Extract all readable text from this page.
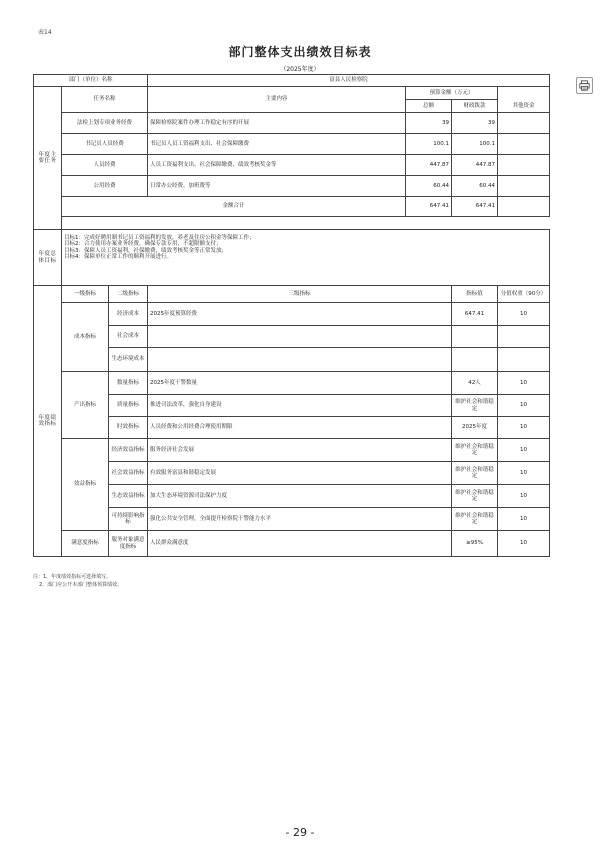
表14
部门整体支出绩效目标表
（2025年度）
部门（单位）名称			富县人民检察院				
年度主要任务	任务名称		主要内容	预算金额（万元）		
				总额	财政拨款	其他资金	
	法检上划专项业务经费		保障检察院案件办理工作稳定有序的开展	39	39		
	书记员人员经费		书记员人员工资福利支出、社会保障缴费	100.1	100.1		
	人员经费		人员工资福利支出、社会保障缴费、绩效考核奖金等	447.87	447.87		
	公用经费		日常办公经费、加班费等	60.44	60.44		
	金额合计			647.41	647.41		

年度总体目标	目标1：完成好聘用制书记员工资福利的发放，养老及住房公积金等保障工作；
目标2：合力使用办案业务经费，确保专款专用，不超限额支付；
目标3：保障人员工资福利，社保缴费，绩效考核奖金等正常发放；
目标4：保障单位正常工作的顺利开展进行。						

年度绩效指标	一级指标	二级指标	三级指标		指标值	分值权重（90分）	
	成本指标	经济成本	2025年度预算经费		647.41	10	
		社会成本					
		生态环境成本					
	产出指标	数量指标	2025年度干警数量		42人	10	
		质量指标	推进司法改革，强化自身建设		维护社会和谐稳定	10	
		时效指标	人员经费和公用经费合理使用期限		2025年度	10	
	效益指标	经济效益指标	服务经济社会发展		维护社会和谐稳定	10	
		社会效益指标	有效服务富县和谐稳定发展		维护社会和谐稳定	10	
		生态效益指标	加大生态环境资源司法保护力度		维护社会和谐稳定	10	
		可持续影响指标	强化公共安全管理，全面提升检察院干警能力水平		维护社会和谐稳定	10	
	满意度指标	服务对象满意度指标	人民群众满意度		≥95%	10	
注：1、年度绩效指标可选择填写。
2、部门应公开本部门整体预算绩效。
- 29 -
